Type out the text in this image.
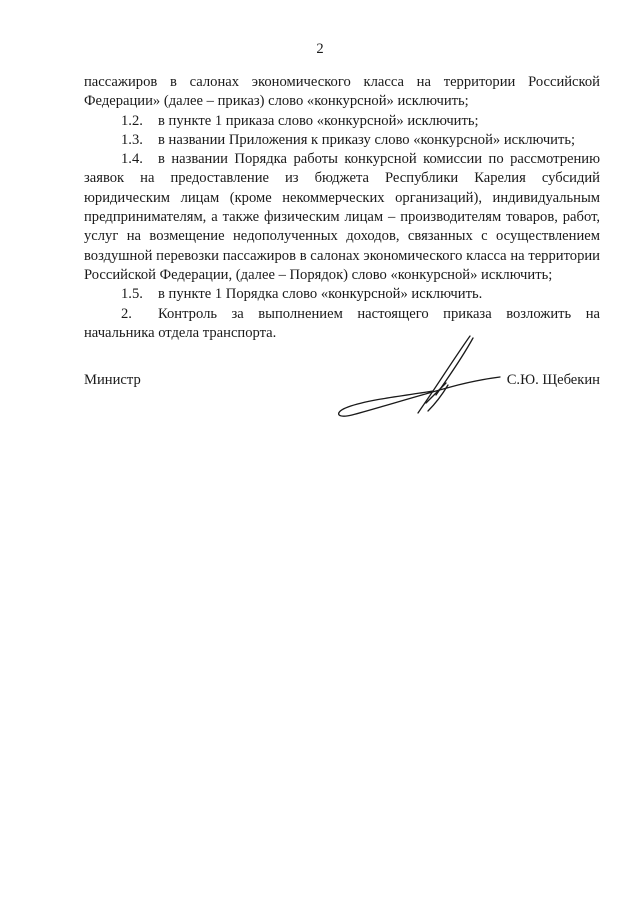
2

пассажиров в салонах экономического класса на территории Российской Федерации» (далее – приказ) слово «конкурсной» исключить;

1.2. в пункте 1 приказа слово «конкурсной» исключить;

1.3. в названии Приложения к приказу слово «конкурсной» исключить;

1.4. в названии Порядка работы конкурсной комиссии по рассмотрению заявок на предоставление из бюджета Республики Карелия субсидий юридическим лицам (кроме некоммерческих организаций), индивидуальным предпринимателям, а также физическим лицам – производителям товаров, работ, услуг на возмещение недополученных доходов, связанных с осуществлением воздушной перевозки пассажиров в салонах экономического класса на территории Российской Федерации, (далее – Порядок) слово «конкурсной» исключить;

1.5. в пункте 1 Порядка слово «конкурсной» исключить.

2. Контроль за выполнением настоящего приказа возложить на начальника отдела транспорта.

Министр	С.Ю. Щебекин
